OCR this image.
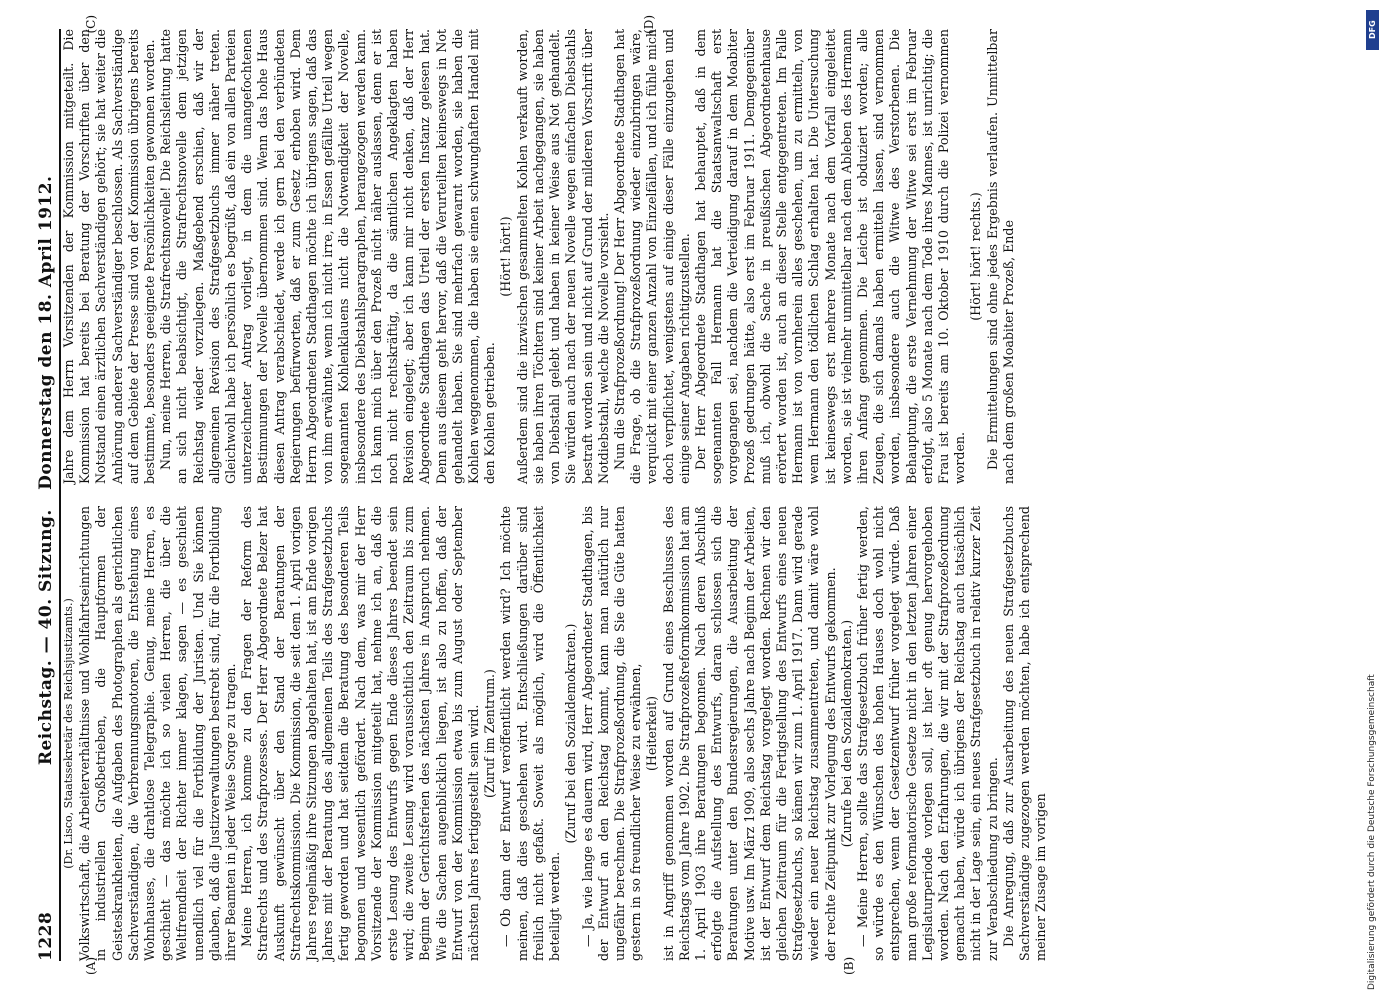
1228
Reichstag. — 40. Sitzung.   Donnerstag den 18. April 1912.
(A)	(B)

(Dr. Lisco, Staatssekretär des Reichsjustizamts.) Volkswirtschaft, die Arbeiterverhältnisse und Wohlfahrtseinrichtungen in industriellen Großbetrieben, die Hauptformen der Geisteskrankheiten, die Aufgaben des Photographen als gerichtlichen Sachverständigen, die Verbrennungsmotoren, die Entstehung eines Wohnhauses, die drahtlose Telegraphie. Genug, meine Herren, es geschieht — das möchte ich so vielen Herren, die über die Weltfremdheit der Richter immer klagen, sagen — es geschieht unendlich viel für die Fortbildung der Juristen. Und Sie können glauben, daß die Justizverwaltungen bestrebt sind, für die Fortbildung ihrer Beamten in jeder Weise Sorge zu tragen. Meine Herren, ich komme zu den Fragen der Reform des Strafrechts und des Strafprozesses. Der Herr Abgeordnete Belzer hat Auskunft gewünscht über den Stand der Beratungen der Strafrechtskommission. Die Kommission, die seit dem 1. April vorigen Jahres regelmäßig ihre Sitzungen abgehalten hat, ist am Ende vorigen Jahres mit der Beratung des allgemeinen Teils des Strafgesetzbuchs fertig geworden und hat seitdem die Beratung des besonderen Teils begonnen und wesentlich gefördert. Nach dem, was mir der Herr Vorsitzende der Kommission mitgeteilt hat, nehme ich an, daß die erste Lesung des Entwurfs gegen Ende dieses Jahres beendet sein wird; die zweite Lesung wird voraussichtlich den Zeitraum bis zum Beginn der Gerichtsferien des nächsten Jahres in Anspruch nehmen. Wie die Sachen augenblicklich liegen, ist also zu hoffen, daß der Entwurf von der Kommission etwa bis zum August oder September nächsten Jahres fertiggestellt sein wird. (Zuruf im Zentrum.) — Ob dann der Entwurf veröffentlicht werden wird? Ich möchte meinen, daß dies geschehen wird. Entschließungen darüber sind freilich nicht gefaßt. Soweit als möglich, wird die Öffentlichkeit beteiligt werden.

(Zuruf bei den Sozialdemokraten.) — Ja, wie lange es dauern wird, Herr Abgeordneter Stadthagen, bis der Entwurf an den Reichstag kommt, kann man natürlich nur ungefähr berechnen. Die Strafprozeßordnung, die Sie die Güte hatten gestern in so freundlicher Weise zu erwähnen, (Heiterkeit) ist in Angriff genommen worden auf Grund eines Beschlusses des Reichstags vom Jahre 1902. Die Strafprozeßreformkommission hat am 1. April 1903 ihre Beratungen begonnen. Nach deren Abschluß erfolgte die Aufstellung des Entwurfs, daran schlossen sich die Beratungen unter den Bundesregierungen, die Ausarbeitung der Motive usw. Im März 1909, also sechs Jahre nach Beginn der Arbeiten, ist der Entwurf dem Reichstag vorgelegt worden. Rechnen wir den gleichen Zeitraum für die Fertigstellung des Entwurfs eines neuen Strafgesetzbuchs, so kämen wir zum 1. April 1917. Dann wird gerade wieder ein neuer Reichstag zusammentreten, und damit wäre wohl der rechte Zeitpunkt zur Vorlegung des Entwurfs gekommen. (Zurufe bei den Sozialdemokraten.) — Meine Herren, sollte das Strafgesetzbuch früher fertig werden, so würde es den Wünschen des hohen Hauses doch wohl nicht entsprechen, wenn der Gesetzentwurf früher vorgelegt würde. Daß man große reformatorische Gesetze nicht in den letzten Jahren einer Legislaturperiode vorlegen soll, ist hier oft genug hervorgehoben worden. Nach den Erfahrungen, die wir mit der Strafprozeßordnung gemacht haben, würde ich übrigens der Reichstag auch tatsächlich nicht in der Lage sein, ein neues Strafgesetzbuch in relativ kurzer Zeit zur Verabschiedung zu bringen. Die Anregung, daß zur Ausarbeitung des neuen Strafgesetzbuchs Sachverständige zugezogen werden möchten, habe ich entsprechend meiner Zusage im vorigen

(C)	(D)

Jahre dem Herrn Vorsitzenden der Kommission mitgeteilt. Die Kommission hat bereits bei Beratung der Vorschriften über den Notstand einen ärztlichen Sachverständigen gehört; sie hat weiter die Anhörung anderer Sachverständiger beschlossen. Als Sachverständige auf dem Gebiete der Presse sind von der Kommission übrigens bereits bestimmte, besonders geeignete Persönlichkeiten gewonnen worden. Nun, meine Herren, die Strafrechtsnovelle! Die Reichsleitung hatte an sich nicht beabsichtigt, die Strafrechtsnovelle dem jetzigen Reichstag wieder vorzulegen. Maßgebend erschien, daß wir der allgemeinen Revision des Strafgesetzbuchs immer näher treten. Gleichwohl habe ich persönlich es begrüßt, daß ein von allen Parteien unterzeichneter Antrag vorliegt, in dem die unangefochtenen Bestimmungen der Novelle übernommen sind. Wenn das hohe Haus diesen Antrag verabschiedet, werde ich gern bei den verbündeten Regierungen befürworten, daß er zum Gesetz erhoben wird. Dem Herrn Abgeordneten Stadthagen möchte ich übrigens sagen, daß das von ihm erwähnte, wenn ich nicht irre, in Essen gefällte Urteil wegen sogenannten Kohlenklauens nicht die Notwendigkeit der Novelle, insbesondere des Diebstahlsparagraphen, herangezogen werden kann. Ich kann mich über den Prozeß nicht näher auslassen, denn er ist noch nicht rechtskräftig, da die sämtlichen Angeklagten haben Revision eingelegt; aber ich kann mir nicht denken, daß der Herr Abgeordnete Stadthagen das Urteil der ersten Instanz gelesen hat. Denn aus diesem geht hervor, daß die Verurteilten keineswegs in Not gehandelt haben. Sie sind mehrfach gewarnt worden, sie haben die Kohlen weggenommen, die haben sie einen schwunghaften Handel mit den Kohlen getrieben.

(Hört! hört!) Außerdem sind die inzwischen gesammelten Kohlen verkauft worden, sie haben ihren Töchtern sind keiner Arbeit nachgegangen, sie haben von Diebstahl gelebt und haben in keiner Weise aus Not gehandelt. Sie würden auch nach der neuen Novelle wegen einfachen Diebstahls bestraft worden sein und nicht auf Grund der milderen Vorschrift über Notdiebstahl, welche die Novelle vorsieht. Nun die Strafprozeßordnung! Der Herr Abgeordnete Stadthagen hat die Frage, ob die Strafprozeßordnung wieder einzubringen wäre, verquickt mit einer ganzen Anzahl von Einzelfällen, und ich fühle mich doch verpflichtet, wenigstens auf einige dieser Fälle einzugehen und einige seiner Angaben richtigzustellen. Der Herr Abgeordnete Stadthagen hat behauptet, daß in dem sogenannten Fall Hermann hat die Staatsanwaltschaft erst vorgegangen sei, nachdem die Verteidigung darauf in dem Moabiter Prozeß gedrungen hätte, also erst im Februar 1911. Demgegenüber muß ich, obwohl die Sache in preußischen Abgeordnetenhause erörtert worden ist, auch an dieser Stelle entgegentreten. Im Falle Hermann ist von vornherein alles geschehen, um zu ermitteln, von wem Hermann den tödlichen Schlag erhalten hat. Die Untersuchung ist keineswegs erst mehrere Monate nach dem Vorfall eingeleitet worden, sie ist vielmehr unmittelbar nach dem Ableben des Hermann ihren Anfang genommen. Die Leiche ist obduziert worden; alle Zeugen, die sich damals haben ermitteln lassen, sind vernommen worden, insbesondere auch die Witwe des Verstorbenen. Die Behauptung, die erste Vernehmung der Witwe sei erst im Februar erfolgt, also 5 Monate nach dem Tode ihres Mannes, ist unrichtig; die Frau ist bereits am 10. Oktober 1910 durch die Polizei vernommen worden.

(Hört! hört! rechts.) Die Ermittelungen sind ohne jedes Ergebnis verlaufen. Unmittelbar nach dem großen Moabiter Prozeß, Ende

DFG
Digitalisierung gefördert durch die Deutsche Forschungsgemeinschaft
